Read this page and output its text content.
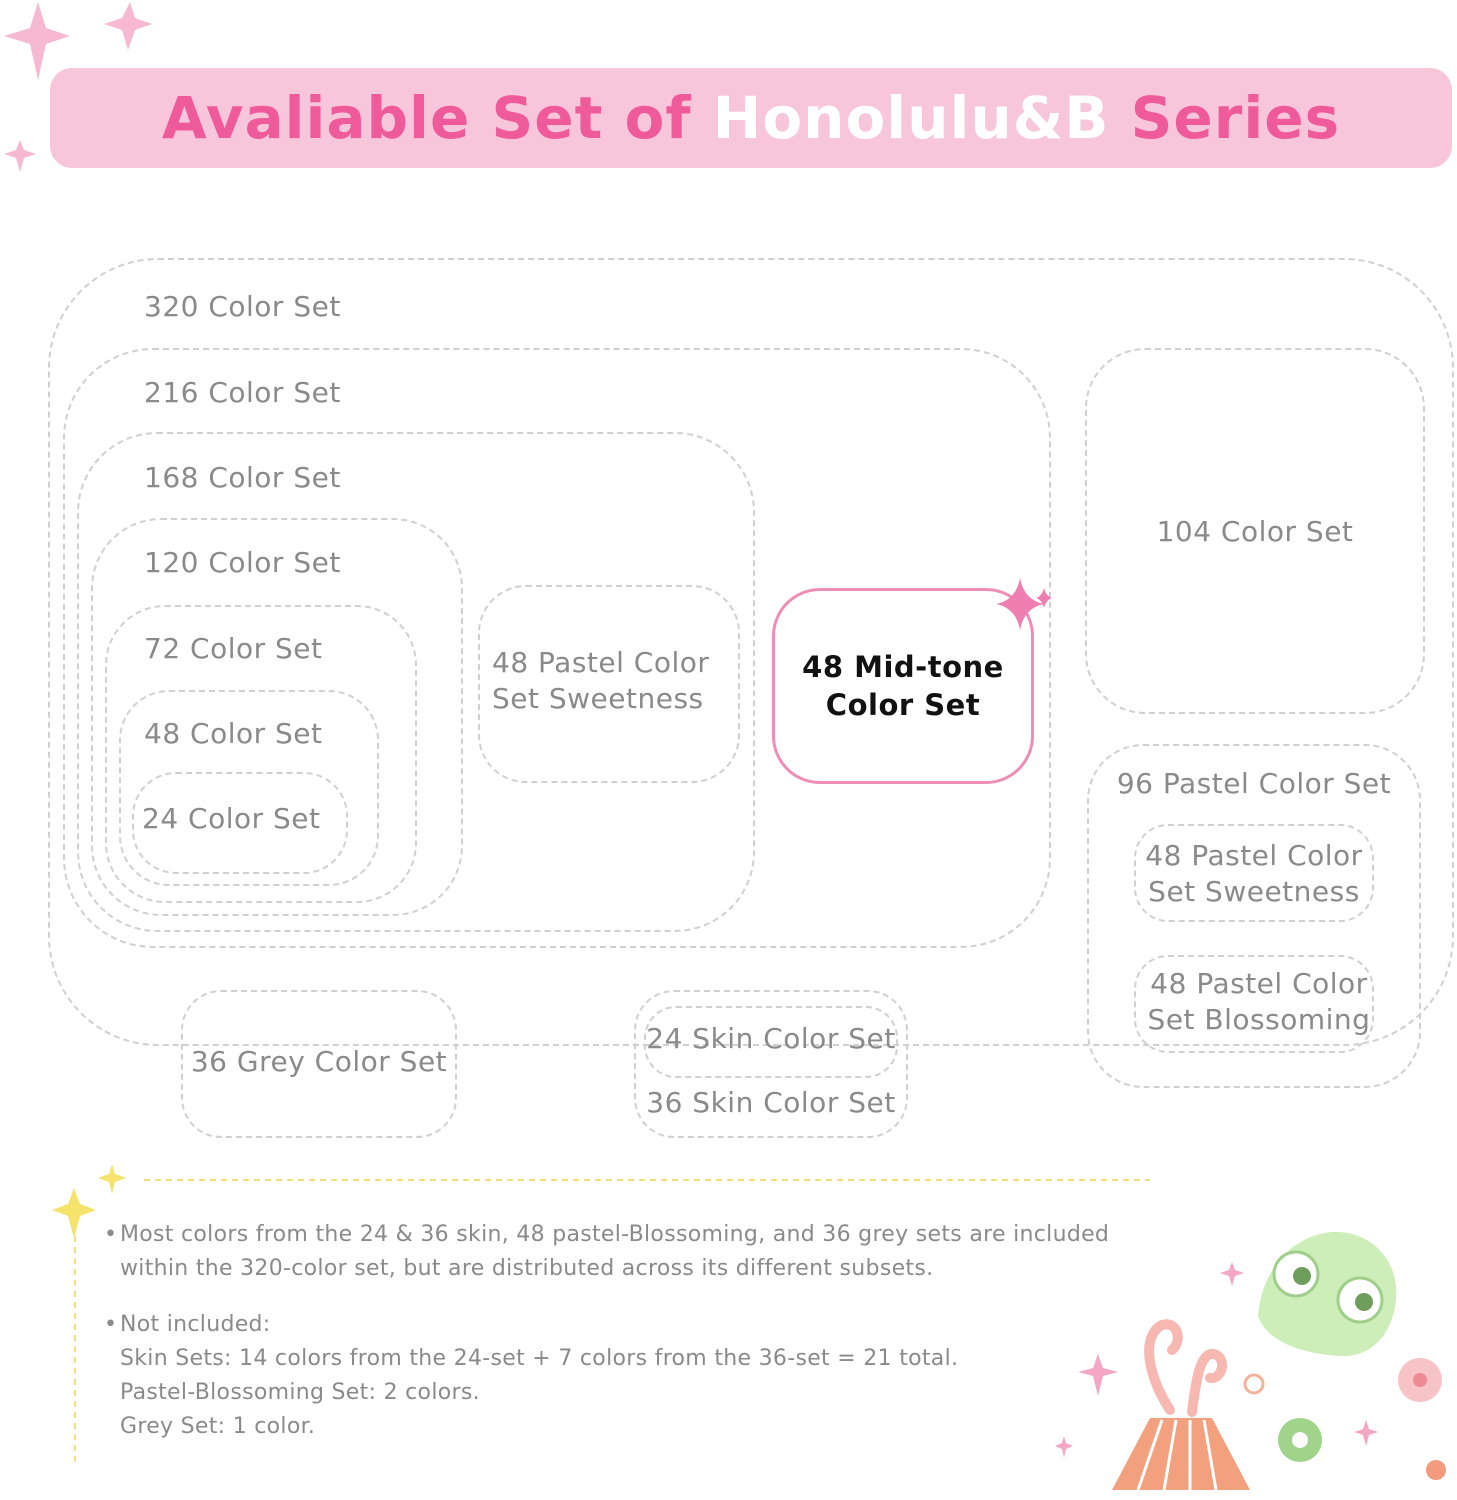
Avaliable Set of Honolulu&B Series
320 Color Set
216 Color Set
168 Color Set
120 Color Set
72 Color Set
48 Color Set
24 Color Set
48 Pastel Color
Set Sweetness
48 Mid-tone
Color Set
104 Color Set
96 Pastel Color Set
48 Pastel Color
Set Sweetness
48 Pastel Color
Set Blossoming
36 Grey Color Set
24 Skin Color Set
36 Skin Color Set
• Most colors from the 24 & 36 skin, 48 pastel-Blossoming, and 36 grey sets are included
within the 320-color set, but are distributed across its different subsets.
• Not included:
Skin Sets: 14 colors from the 24-set + 7 colors from the 36-set = 21 total.
Pastel-Blossoming Set: 2 colors.
Grey Set: 1 color.
